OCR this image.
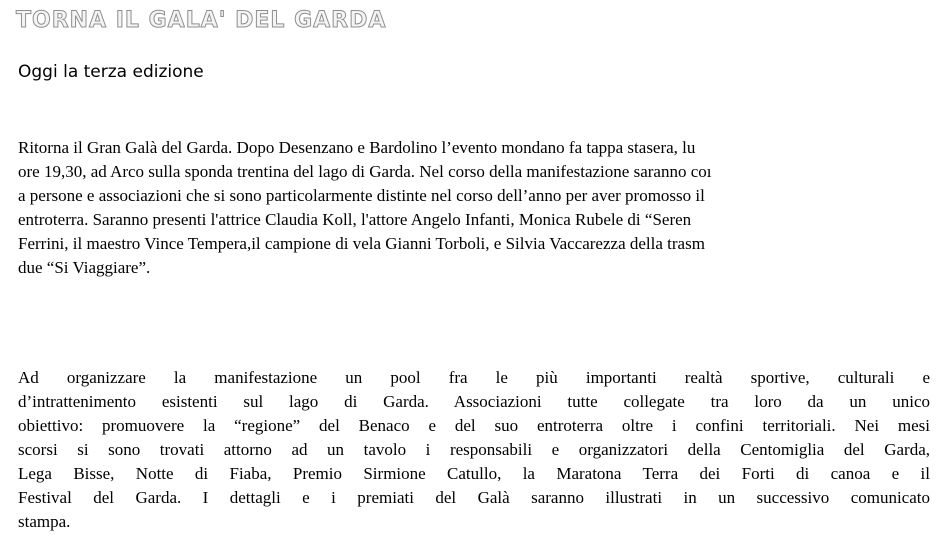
TORNA IL GALA' DEL GARDA
Oggi la terza edizione
Ritorna il Gran Galà del Garda. Dopo Desenzano e Bardolino l’evento mondano fa tappa stasera, lu
ore 19,30, ad Arco sulla sponda trentina del lago di Garda. Nel corso della manifestazione saranno coı
a persone e associazioni che si sono particolarmente distinte nel corso dell’anno per aver promosso il
entroterra. Saranno presenti l'attrice Claudia Koll, l'attore Angelo Infanti, Monica Rubele di “Seren
Ferrini, il maestro Vince Tempera,il campione di vela Gianni Torboli, e Silvia Vaccarezza della trasm
due “Si Viaggiare”.
Ad organizzare la manifestazione un pool fra le più importanti realtà sportive, culturali e
d’intrattenimento esistenti sul lago di Garda. Associazioni tutte collegate tra loro da un unico
obiettivo: promuovere la “regione” del Benaco e del suo entroterra oltre i confini territoriali. Nei mesi
scorsi si sono trovati attorno ad un tavolo i responsabili e organizzatori della Centomiglia del Garda,
Lega Bisse, Notte di Fiaba, Premio Sirmione Catullo, la Maratona Terra dei Forti di canoa e il
Festival del Garda. I dettagli e i premiati del Galà saranno illustrati in un successivo comunicato
stampa.
